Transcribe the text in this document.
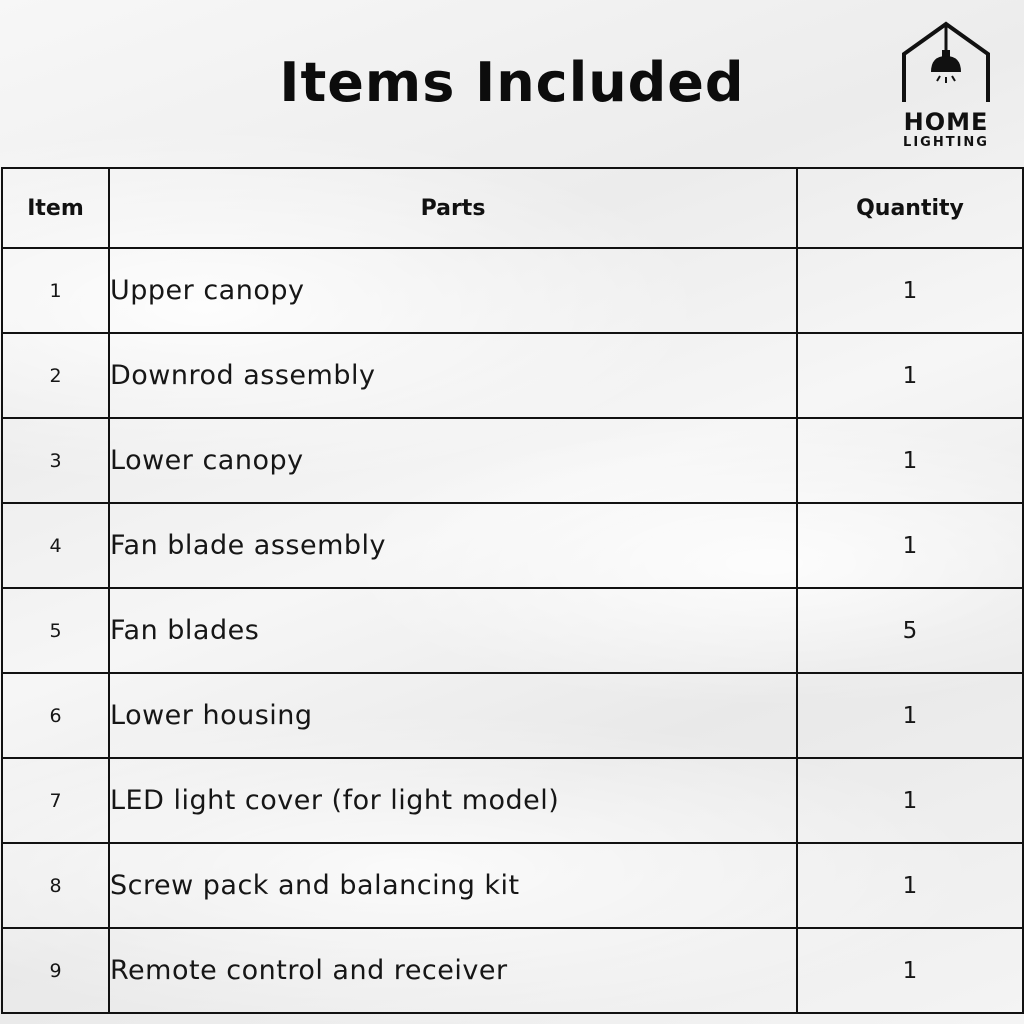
Items Included
HOME
LIGHTING
Item	Parts	Quantity
1	Upper canopy	1
2	Downrod assembly	1
3	Lower canopy	1
4	Fan blade assembly	1
5	Fan blades	5
6	Lower housing	1
7	LED light cover (for light model)	1
8	Screw pack and balancing kit	1
9	Remote control and receiver	1
